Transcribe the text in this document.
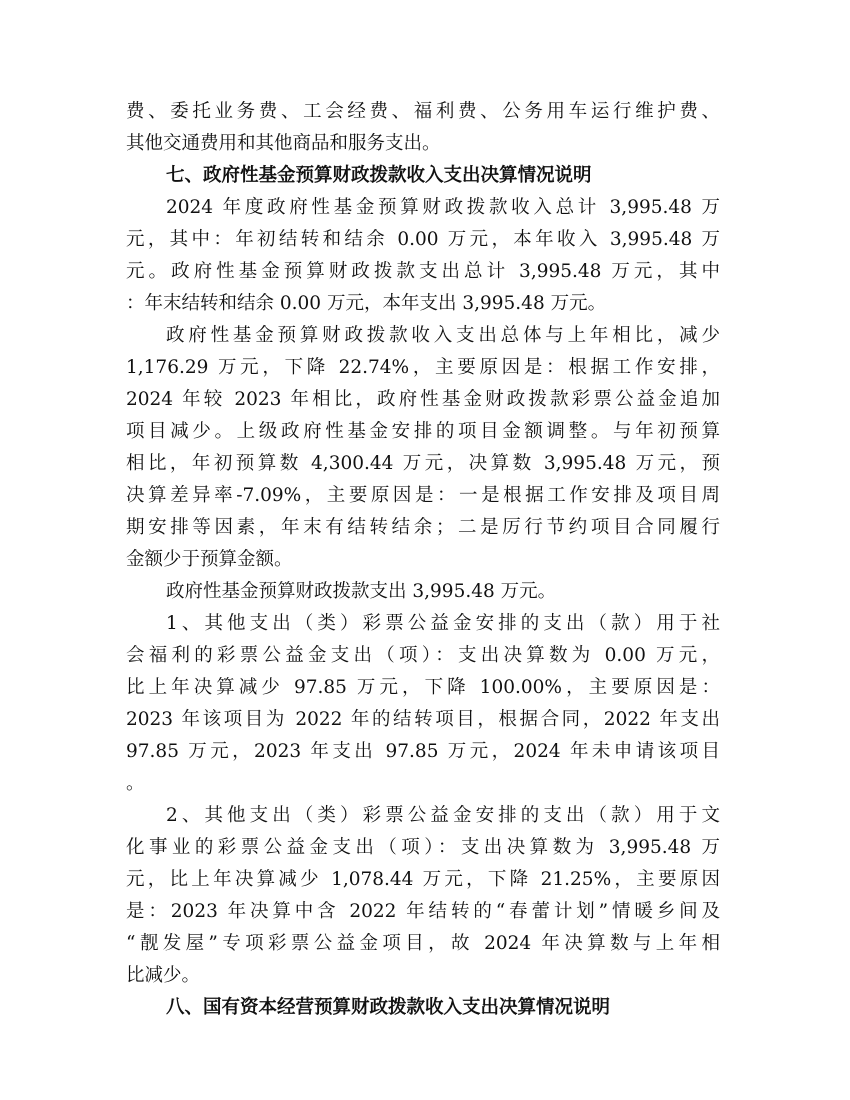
费、委托业务费、工会经费、福利费、公务用车运行维护费、
其他交通费用和其他商品和服务支出。
七、政府性基金预算财政拨款收入支出决算情况说明
2024 年度政府性基金预算财政拨款收入总计 3,995.48 万
元，其中：年初结转和结余 0.00 万元，本年收入 3,995.48 万
元。政府性基金预算财政拨款支出总计 3,995.48 万元，其中
：年末结转和结余 0.00 万元，本年支出 3,995.48 万元。
政府性基金预算财政拨款收入支出总体与上年相比，减少
1,176.29 万元，下降 22.74%，主要原因是：根据工作安排，
2024 年较 2023 年相比，政府性基金财政拨款彩票公益金追加
项目减少。上级政府性基金安排的项目金额调整。与年初预算
相比，年初预算数 4,300.44 万元，决算数 3,995.48 万元，预
决算差异率-7.09%，主要原因是：一是根据工作安排及项目周
期安排等因素，年末有结转结余；二是厉行节约项目合同履行
金额少于预算金额。
政府性基金预算财政拨款支出 3,995.48 万元。
1、其他支出（类）彩票公益金安排的支出（款）用于社
会福利的彩票公益金支出（项）：支出决算数为 0.00 万元，
比上年决算减少 97.85 万元，下降 100.00%，主要原因是：
2023 年该项目为 2022 年的结转项目，根据合同，2022 年支出
97.85 万元，2023 年支出 97.85 万元，2024 年未申请该项目
。
2、其他支出（类）彩票公益金安排的支出（款）用于文
化事业的彩票公益金支出（项）：支出决算数为 3,995.48 万
元，比上年决算减少 1,078.44 万元，下降 21.25%，主要原因
是：2023 年决算中含 2022 年结转的“春蕾计划”情暖乡间及
“靓发屋”专项彩票公益金项目，故 2024 年决算数与上年相
比减少。
八、国有资本经营预算财政拨款收入支出决算情况说明
